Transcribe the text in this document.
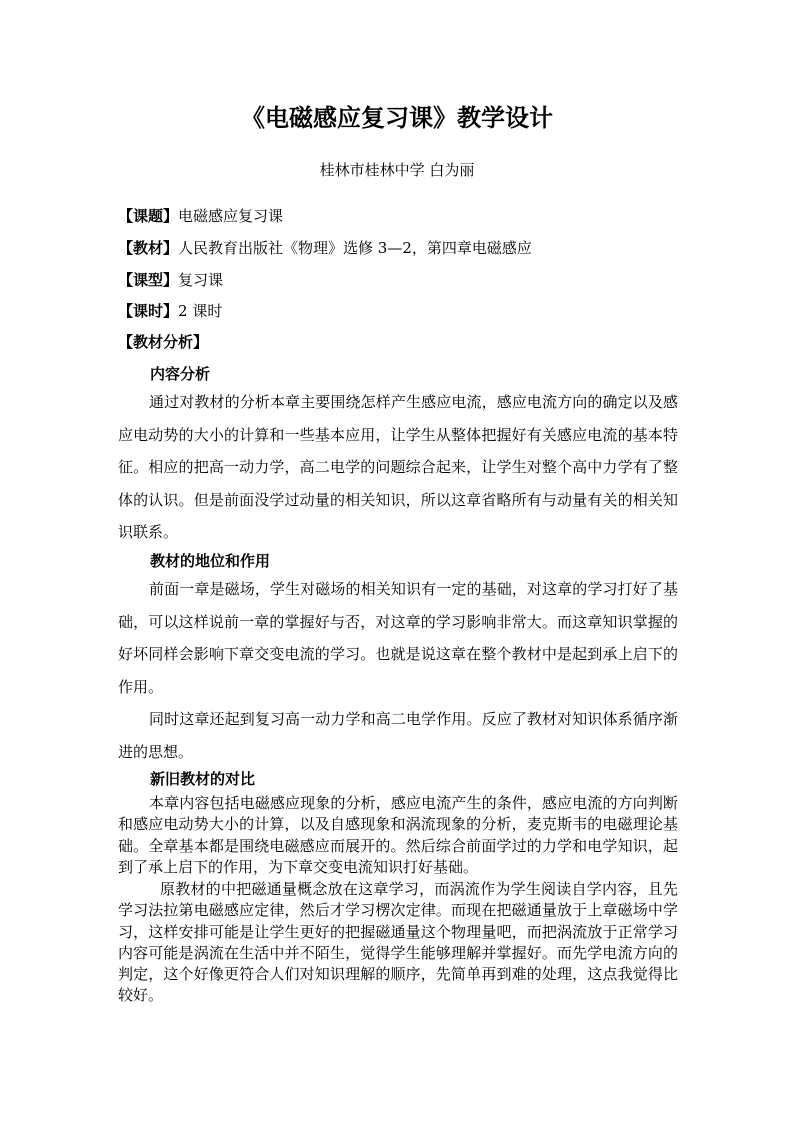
《电磁感应复习课》教学设计
桂林市桂林中学 白为丽
【课题】电磁感应复习课
【教材】人民教育出版社《物理》选修 3—2，第四章电磁感应
【课型】复习课
【课时】2 课时
【教材分析】
内容分析

通过对教材的分析本章主要围绕怎样产生感应电流，感应电流方向的确定以及感应电动势的大小的计算和一些基本应用，让学生从整体把握好有关感应电流的基本特征。相应的把高一动力学，高二电学的问题综合起来，让学生对整个高中力学有了整体的认识。但是前面没学过动量的相关知识，所以这章省略所有与动量有关的相关知识联系。

教材的地位和作用

前面一章是磁场，学生对磁场的相关知识有一定的基础，对这章的学习打好了基础，可以这样说前一章的掌握好与否，对这章的学习影响非常大。而这章知识掌握的好坏同样会影响下章交变电流的学习。也就是说这章在整个教材中是起到承上启下的作用。

同时这章还起到复习高一动力学和高二电学作用。反应了教材对知识体系循序渐进的思想。

新旧教材的对比

本章内容包括电磁感应现象的分析，感应电流产生的条件，感应电流的方向判断和感应电动势大小的计算，以及自感现象和涡流现象的分析，麦克斯韦的电磁理论基础。全章基本都是围绕电磁感应而展开的。然后综合前面学过的力学和电学知识，起到了承上启下的作用，为下章交变电流知识打好基础。

原教材的中把磁通量概念放在这章学习，而涡流作为学生阅读自学内容，且先学习法拉第电磁感应定律，然后才学习楞次定律。而现在把磁通量放于上章磁场中学习，这样安排可能是让学生更好的把握磁通量这个物理量吧，而把涡流放于正常学习内容可能是涡流在生活中并不陌生，觉得学生能够理解并掌握好。而先学电流方向的判定，这个好像更符合人们对知识理解的顺序，先简单再到难的处理，这点我觉得比较好。
